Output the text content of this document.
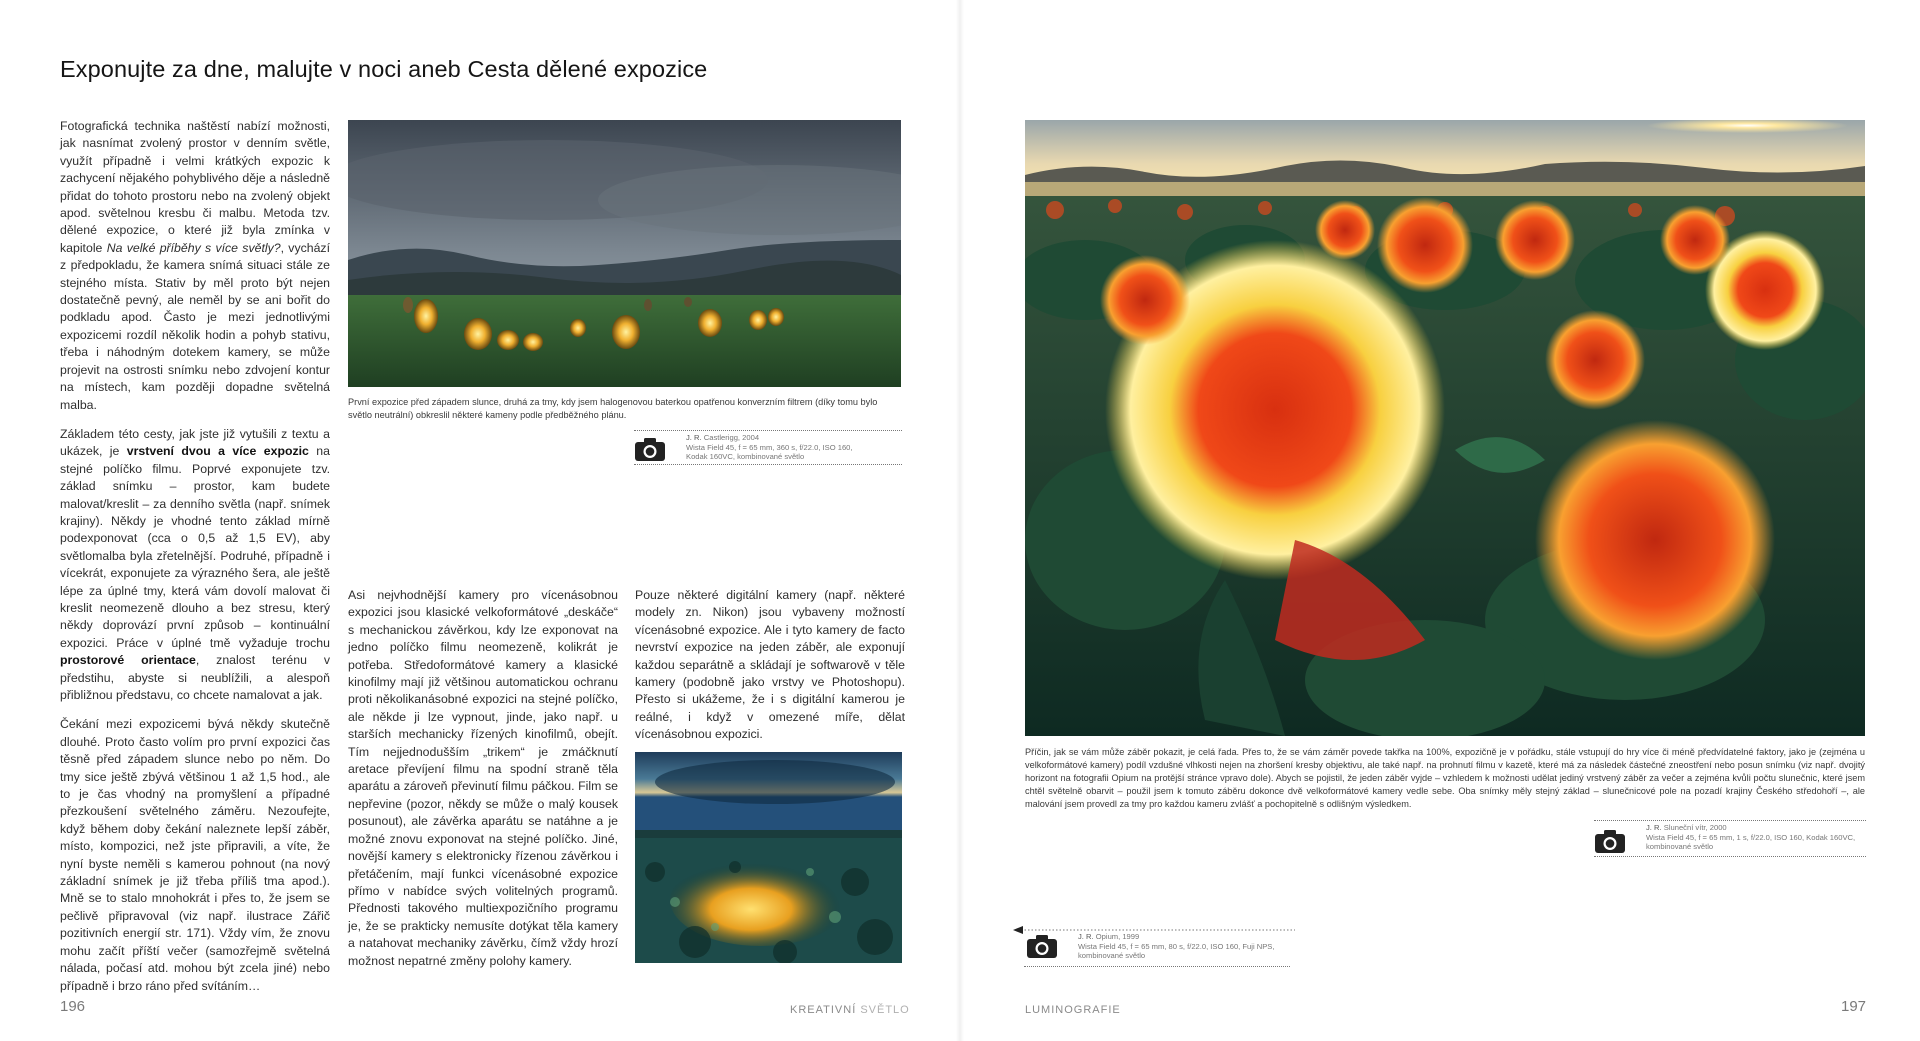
Exponujte za dne, malujte v noci aneb Cesta dělené expozice

Fotografická technika naštěstí nabízí možnosti, jak nasnímat zvolený prostor v denním světle, využít případně i velmi krátkých expozic k zachycení nějakého pohyblivého děje a následně přidat do tohoto prostoru nebo na zvolený objekt apod. světelnou kresbu či malbu. Metoda tzv. dělené expozice, o které již byla zmínka v kapitole Na velké příběhy s více světly?, vychází z předpokladu, že kamera snímá situaci stále ze stejného místa. Stativ by měl proto být nejen dostatečně pevný, ale neměl by se ani bořit do podkladu apod. Často je mezi jednotlivými expozicemi rozdíl několik hodin a pohyb stativu, třeba i náhodným dotekem kamery, se může projevit na ostrosti snímku nebo zdvojení kontur na místech, kam později dopadne světelná malba.

Základem této cesty, jak jste již vytušili z textu a ukázek, je vrstvení dvou a více expozic na stejné políčko filmu. Poprvé exponujete tzv. základ snímku – prostor, kam budete malovat/kreslit – za denního světla (např. snímek krajiny). Někdy je vhodné tento základ mírně podexponovat (cca o 0,5 až 1,5 EV), aby světlomalba byla zřetelnější. Podruhé, případně i vícekrát, exponujete za výrazného šera, ale ještě lépe za úplné tmy, která vám dovolí malovat či kreslit neomezeně dlouho a bez stresu, který někdy doprovází první způsob – kontinuální expozici. Práce v úplné tmě vyžaduje trochu prostorové orientace, znalost terénu v předstihu, abyste si neublížili, a alespoň přibližnou představu, co chcete namalovat a jak.

Čekání mezi expozicemi bývá někdy skutečně dlouhé. Proto často volím pro první expozici čas těsně před západem slunce nebo po něm. Do tmy sice ještě zbývá většinou 1 až 1,5 hod., ale to je čas vhodný na promyšlení a případné přezkoušení světelného záměru. Nezoufejte, když během doby čekání naleznete lepší záběr, místo, kompozici, než jste připravili, a víte, že nyní byste neměli s kamerou pohnout (na nový základní snímek je již třeba příliš tma apod.). Mně se to stalo mnohokrát i přes to, že jsem se pečlivě připravoval (viz např. ilustrace Zářič pozitivních energií str. 171). Vždy vím, že znovu mohu začít příští večer (samozřejmě světelná nálada, počasí atd. mohou být zcela jiné) nebo případně i brzo ráno před svítáním…

První expozice před západem slunce, druhá za tmy, kdy jsem halogenovou baterkou opatřenou konverzním filtrem (díky tomu bylo světlo neutrální) obkreslil některé kameny podle předběžného plánu.
J. R. Castlerigg, 2004
Wista Field 45, f = 65 mm, 360 s, f/22.0, ISO 160,
Kodak 160VC, kombinované světlo
Asi nejvhodnější kamery pro vícenásobnou expozici jsou klasické velkoformátové „deskáče“ s mechanickou závěrkou, kdy lze exponovat na jedno políčko filmu neomezeně, kolikrát je potřeba. Středoformátové kamery a klasické kinofilmy mají již většinou automatickou ochranu proti několikanásobné expozici na stejné políčko, ale někde ji lze vypnout, jinde, jako např. u starších mechanicky řízených kinofilmů, obejít. Tím nejjednodušším „trikem“ je zmáčknutí aretace převíjení filmu na spodní straně těla aparátu a zároveň převinutí filmu páčkou. Film se nepřevine (pozor, někdy se může o malý kousek posunout), ale závěrka aparátu se natáhne a je možné znovu exponovat na stejné políčko. Jiné, novější kamery s elektronicky řízenou závěrkou i přetáčením, mají funkci vícenásobné expozice přímo v nabídce svých volitelných programů. Přednosti takového multiexpozičního programu je, že se prakticky nemusíte dotýkat těla kamery a natahovat mechaniky závěrku, čímž vždy hrozí možnost nepatrné změny polohy kamery.
Pouze některé digitální kamery (např. některé modely zn. Nikon) jsou vybaveny možností vícenásobné expozice. Ale i tyto kamery de facto nevrství expozice na jeden záběr, ale exponují každou separátně a skládají je softwarově v těle kamery (podobně jako vrstvy ve Photoshopu). Přesto si ukážeme, že i s digitální kamerou je reálné, i když v omezené míře, dělat vícenásobnou expozici.
196	KREATIVNÍ SVĚTLO
Příčin, jak se vám může záběr pokazit, je celá řada. Přes to, že se vám záměr povede takřka na 100%, expozičně je v pořádku, stále vstupují do hry více či méně předvídatelné faktory, jako je (zejména u velkoformátové kamery) podíl vzdušné vlhkosti nejen na zhoršení kresby objektivu, ale také např. na prohnutí filmu v kazetě, které má za následek částečné zneostření nebo posun snímku (viz např. dvojitý horizont na fotografii Opium na protější stránce vpravo dole). Abych se pojistil, že jeden záběr vyjde – vzhledem k možnosti udělat jediný vrstvený záběr za večer a zejména kvůli počtu slunečnic, které jsem chtěl světelně obarvit – použil jsem k tomuto záběru dokonce dvě velkoformátové kamery vedle sebe. Oba snímky měly stejný základ – slunečnicové pole na pozadí krajiny Českého středohoří –, ale malování jsem provedl za tmy pro každou kameru zvlášť a pochopitelně s odlišným výsledkem.
J. R. Sluneční vítr, 2000
Wista Field 45, f = 65 mm, 1 s, f/22.0, ISO 160, Kodak 160VC,
kombinované světlo
J. R. Opium, 1999
Wista Field 45, f = 65 mm, 80 s, f/22.0, ISO 160, Fuji NPS,
kombinované světlo
LUMINOGRAFIE	197
